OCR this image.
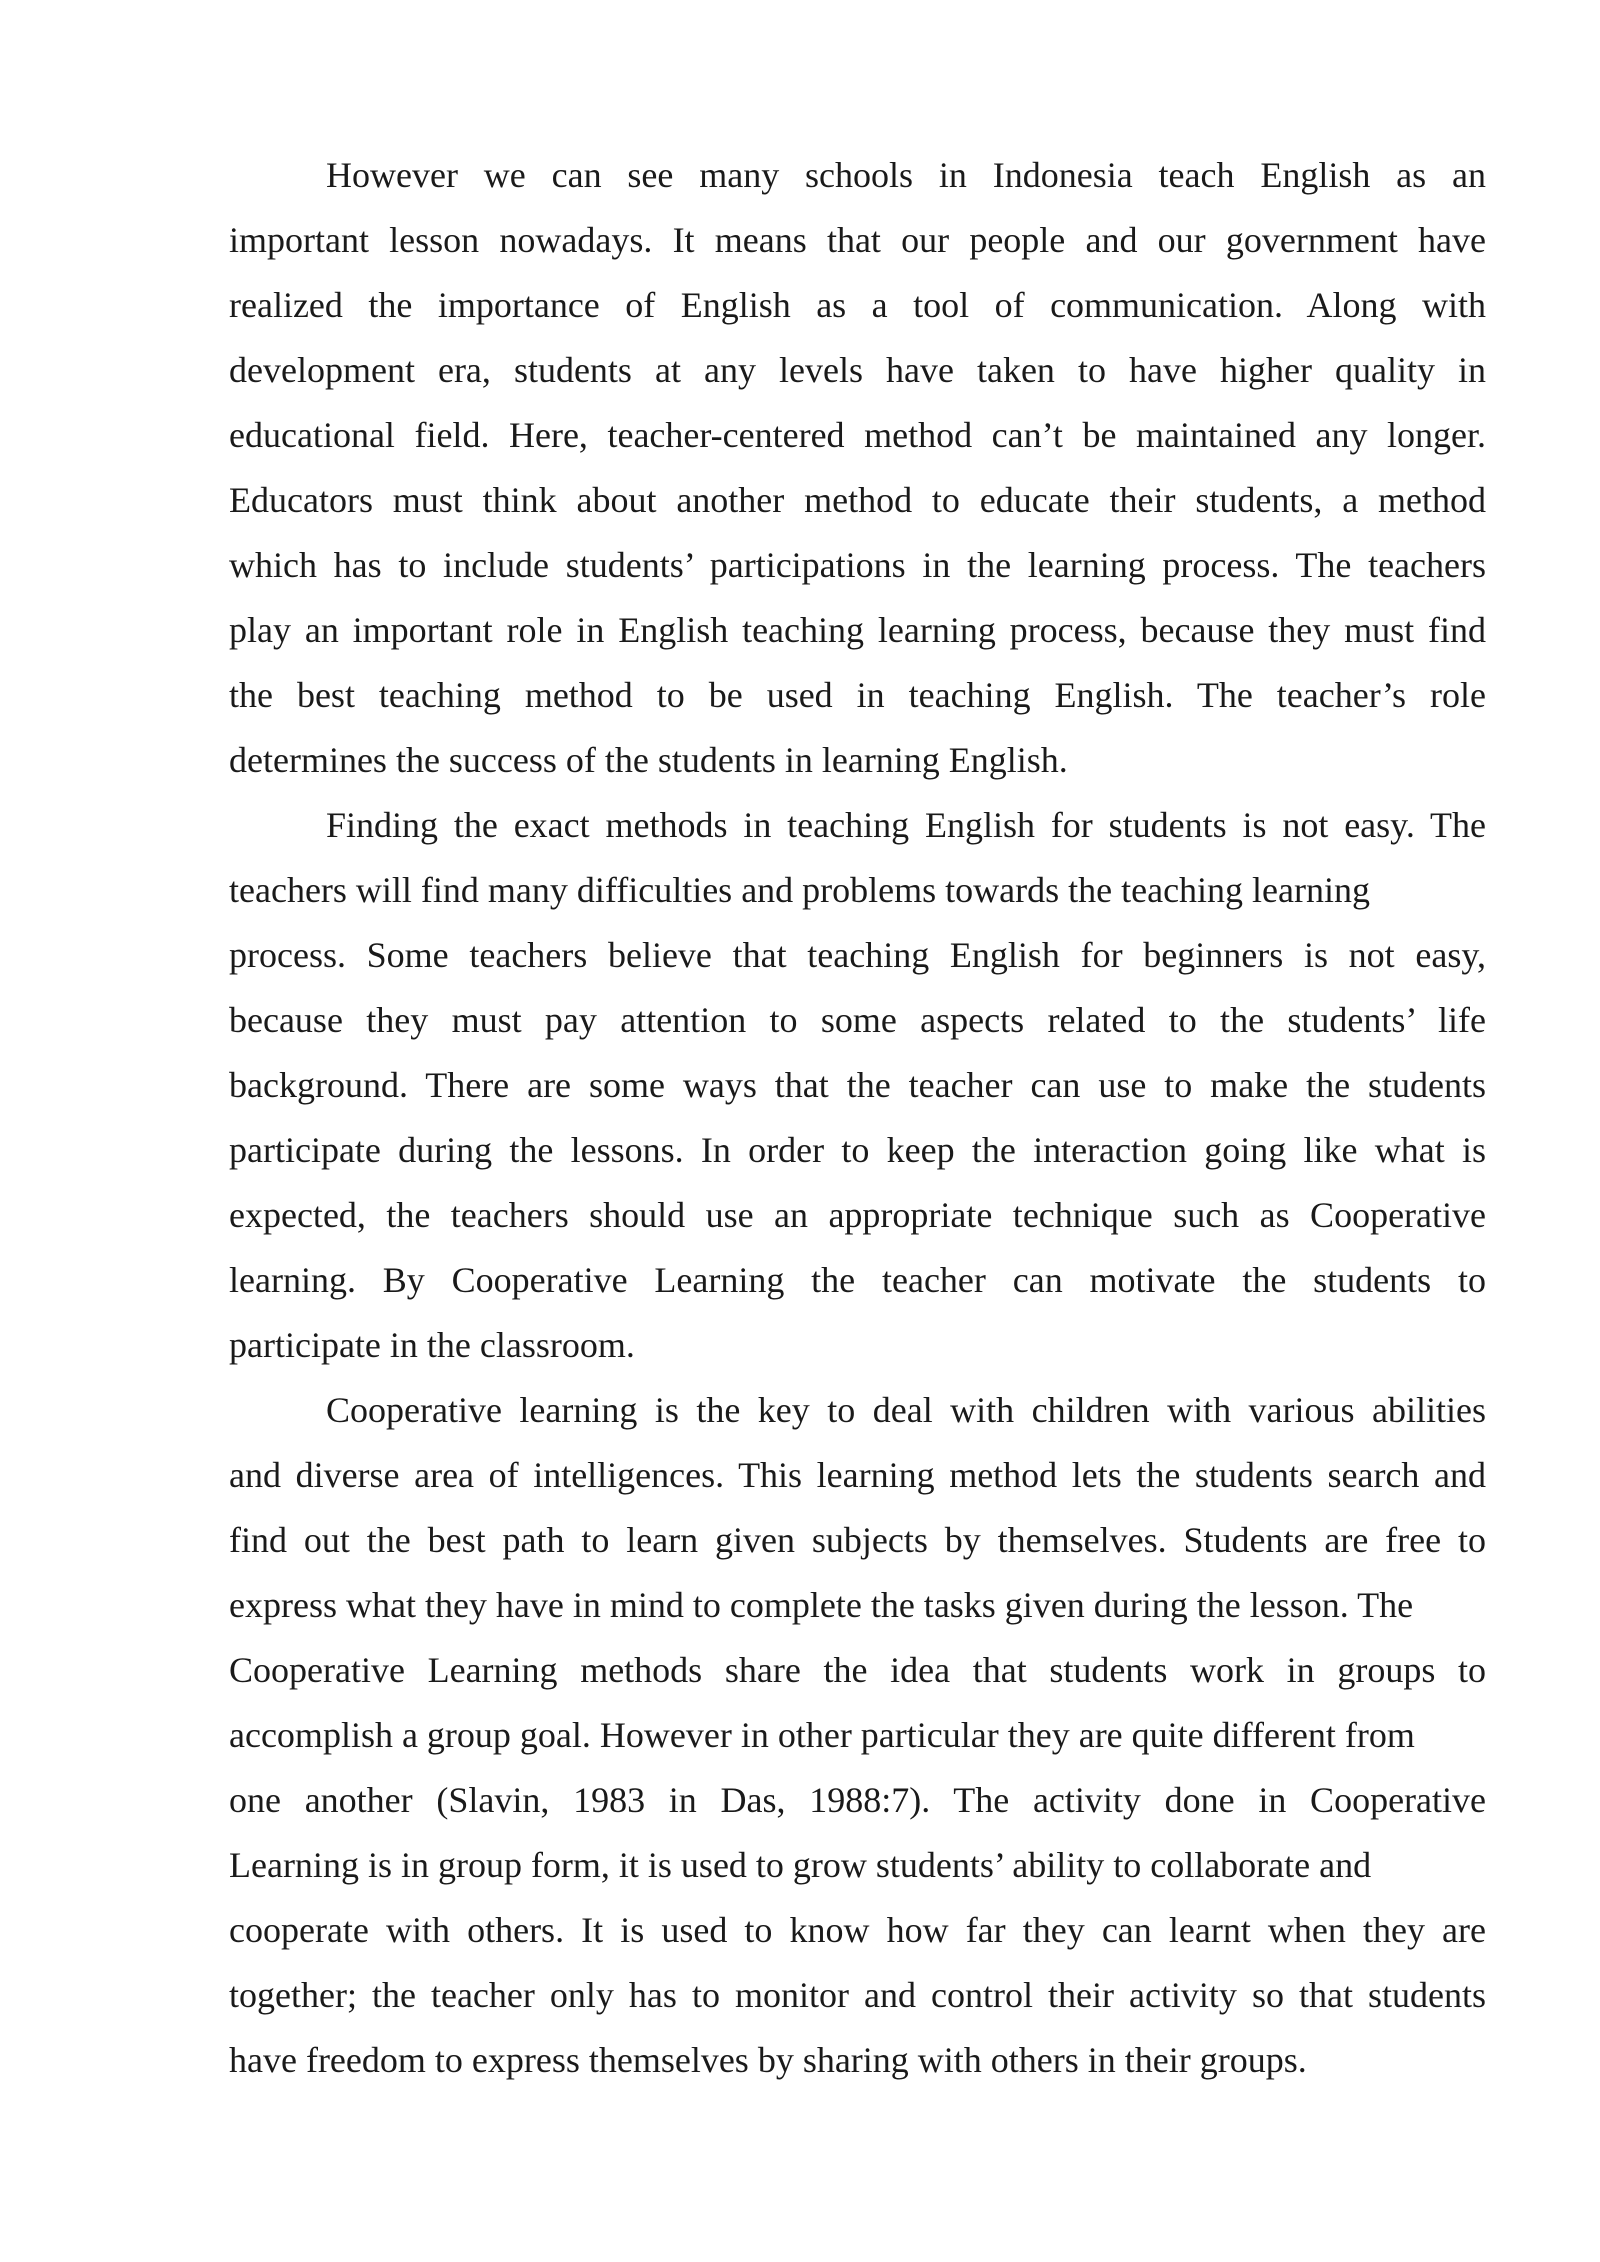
However we can see many schools in Indonesia teach English as an
important lesson nowadays. It means that our people and our government have
realized the importance of English as a tool of communication. Along with
development era, students at any levels have taken to have higher quality in
educational field. Here, teacher-centered method can’t be maintained any longer.
Educators must think about another method to educate their students, a method
which has to include students’ participations in the learning process. The teachers
play an important role in English teaching learning process, because they must find
the best teaching method to be used in teaching English. The teacher’s role
determines the success of the students in learning English.
Finding the exact methods in teaching English for students is not easy. The
teachers will find many difficulties and problems towards the teaching learning
process. Some teachers believe that teaching English for beginners is not easy,
because they must pay attention to some aspects related to the students’ life
background. There are some ways that the teacher can use to make the students
participate during the lessons. In order to keep the interaction going like what is
expected, the teachers should use an appropriate technique such as Cooperative
learning. By Cooperative Learning the teacher can motivate the students to
participate in the classroom.
Cooperative learning is the key to deal with children with various abilities
and diverse area of intelligences. This learning method lets the students search and
find out the best path to learn given subjects by themselves. Students are free to
express what they have in mind to complete the tasks given during the lesson. The
Cooperative Learning methods share the idea that students work in groups to
accomplish a group goal. However in other particular they are quite different from
one another (Slavin, 1983 in Das, 1988:7). The activity done in Cooperative
Learning is in group form, it is used to grow students’ ability to collaborate and
cooperate with others. It is used to know how far they can learnt when they are
together; the teacher only has to monitor and control their activity so that students
have freedom to express themselves by sharing with others in their groups.
